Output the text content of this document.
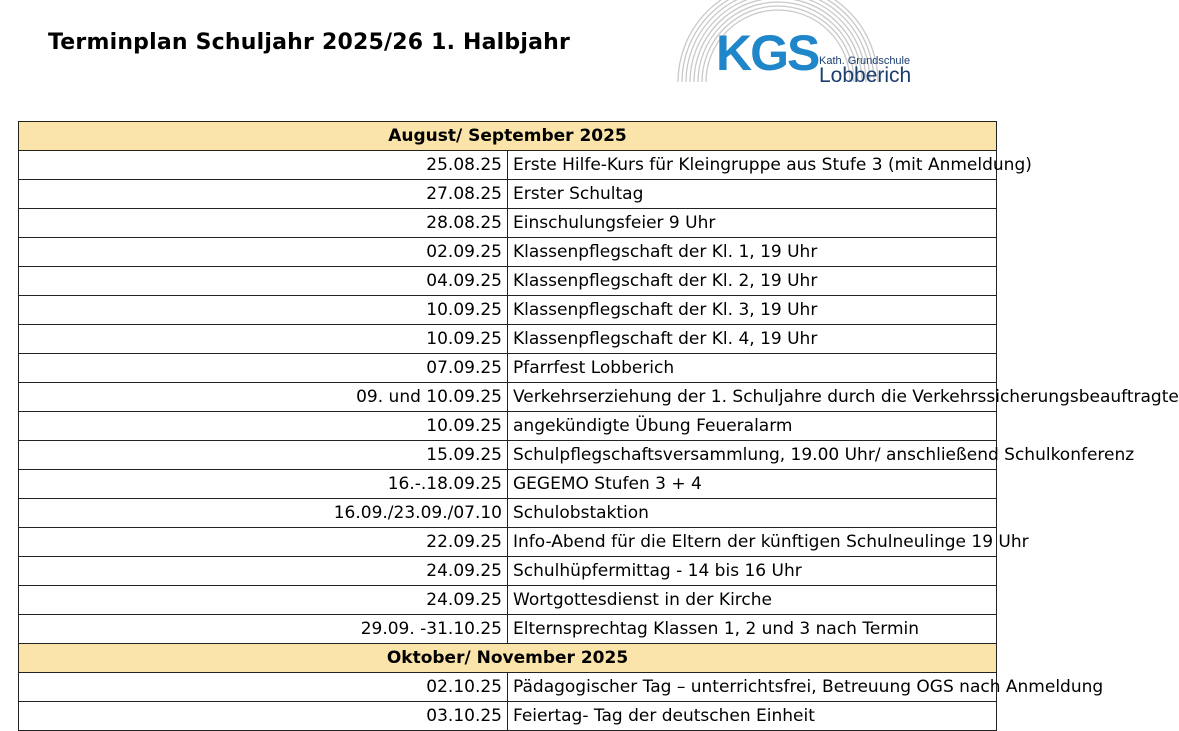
Terminplan Schuljahr 2025/26 1. Halbjahr	KGS Kath. Grundschule
Lobberich
August/ September 2025	
25.08.25	Erste Hilfe-Kurs für Kleingruppe aus Stufe 3 (mit Anmeldung)
27.08.25	Erster Schultag
28.08.25	Einschulungsfeier 9 Uhr
02.09.25	Klassenpflegschaft der Kl. 1, 19 Uhr
04.09.25	Klassenpflegschaft der Kl. 2, 19 Uhr
10.09.25	Klassenpflegschaft der Kl. 3, 19 Uhr
10.09.25	Klassenpflegschaft der Kl. 4, 19 Uhr
07.09.25	Pfarrfest Lobberich
09. und 10.09.25	Verkehrserziehung der 1. Schuljahre durch die Verkehrssicherungsbeauftragte
10.09.25	angekündigte Übung Feueralarm
15.09.25	Schulpflegschaftsversammlung, 19.00 Uhr/ anschließend Schulkonferenz
16.-.18.09.25	GEGEMO Stufen 3 + 4
16.09./23.09./07.10	Schulobstaktion
22.09.25	Info-Abend für die Eltern der künftigen Schulneulinge 19 Uhr
24.09.25	Schulhüpfermittag - 14 bis 16 Uhr
24.09.25	Wortgottesdienst in der Kirche
29.09. -31.10.25	Elternsprechtag Klassen 1, 2 und 3 nach Termin
Oktober/ November 2025	
02.10.25	Pädagogischer Tag – unterrichtsfrei, Betreuung OGS nach Anmeldung
03.10.25	Feiertag- Tag der deutschen Einheit
